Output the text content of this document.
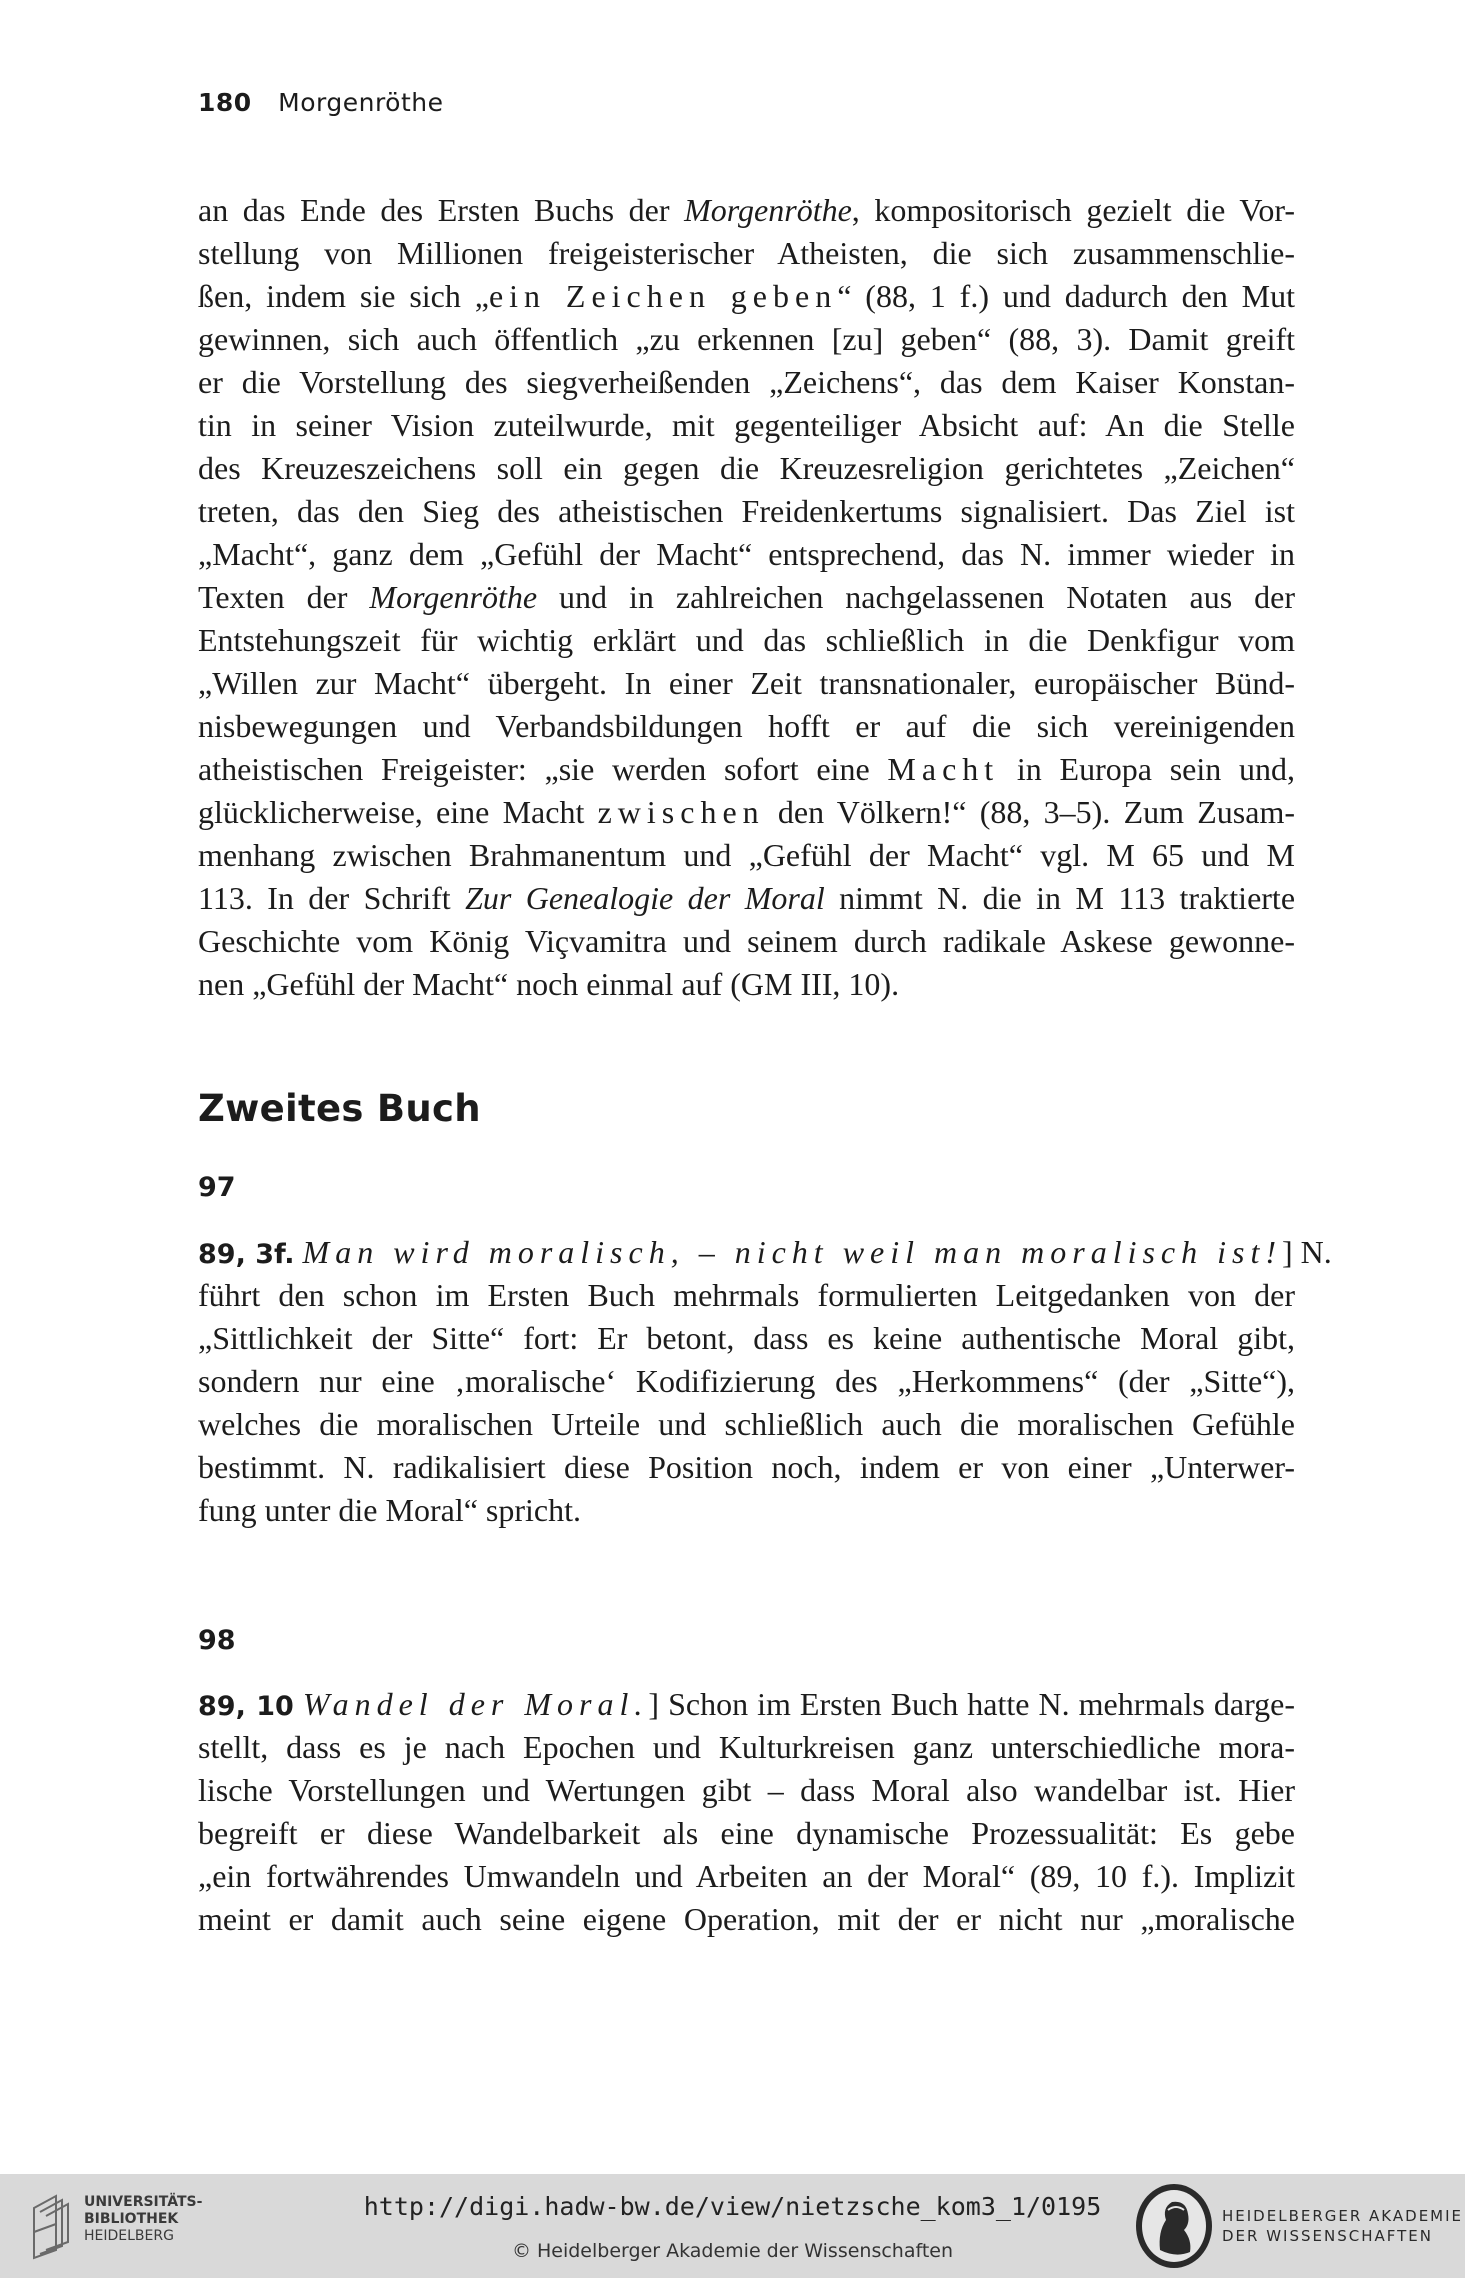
180 Morgenröthe

an das Ende des Ersten Buchs der Morgenröthe, kompositorisch gezielt die Vor-
stellung von Millionen freigeisterischer Atheisten, die sich zusammenschlie-
ßen, indem sie sich „ein Zeichen geben“ (88, 1 f.) und dadurch den Mut
gewinnen, sich auch öffentlich „zu erkennen [zu] geben“ (88, 3). Damit greift
er die Vorstellung des siegverheißenden „Zeichens“, das dem Kaiser Konstan-
tin in seiner Vision zuteilwurde, mit gegenteiliger Absicht auf: An die Stelle
des Kreuzeszeichens soll ein gegen die Kreuzesreligion gerichtetes „Zeichen“
treten, das den Sieg des atheistischen Freidenkertums signalisiert. Das Ziel ist
„Macht“, ganz dem „Gefühl der Macht“ entsprechend, das N. immer wieder in
Texten der Morgenröthe und in zahlreichen nachgelassenen Notaten aus der
Entstehungszeit für wichtig erklärt und das schließlich in die Denkfigur vom
„Willen zur Macht“ übergeht. In einer Zeit transnationaler, europäischer Bünd-
nisbewegungen und Verbandsbildungen hofft er auf die sich vereinigenden
atheistischen Freigeister: „sie werden sofort eine Macht in Europa sein und,
glücklicherweise, eine Macht zwischen den Völkern!“ (88, 3–5). Zum Zusam-
menhang zwischen Brahmanentum und „Gefühl der Macht“ vgl. M 65 und M
113. In der Schrift Zur Genealogie der Moral nimmt N. die in M 113 traktierte
Geschichte vom König Viçvamitra und seinem durch radikale Askese gewonne-
nen „Gefühl der Macht“ noch einmal auf (GM III, 10).

Zweites Buch
97

89, 3f. Man wird moralisch, – nicht weil man moralisch ist!] N.
führt den schon im Ersten Buch mehrmals formulierten Leitgedanken von der
„Sittlichkeit der Sitte“ fort: Er betont, dass es keine authentische Moral gibt,
sondern nur eine ‚moralische‘ Kodifizierung des „Herkommens“ (der „Sitte“),
welches die moralischen Urteile und schließlich auch die moralischen Gefühle
bestimmt. N. radikalisiert diese Position noch, indem er von einer „Unterwer-
fung unter die Moral“ spricht.

98

89, 10 Wandel der Moral.] Schon im Ersten Buch hatte N. mehrmals darge-
stellt, dass es je nach Epochen und Kulturkreisen ganz unterschiedliche mora-
lische Vorstellungen und Wertungen gibt – dass Moral also wandelbar ist. Hier
begreift er diese Wandelbarkeit als eine dynamische Prozessualität: Es gebe
„ein fortwährendes Umwandeln und Arbeiten an der Moral“ (89, 10 f.). Implizit
meint er damit auch seine eigene Operation, mit der er nicht nur „moralische

UNIVERSITÄTS-
BIBLIOTHEK
HEIDELBERG
http://digi.hadw-bw.de/view/nietzsche_kom3_1/0195
© Heidelberger Akademie der Wissenschaften
HEIDELBERGER AKADEMIE
DER WISSENSCHAFTEN
